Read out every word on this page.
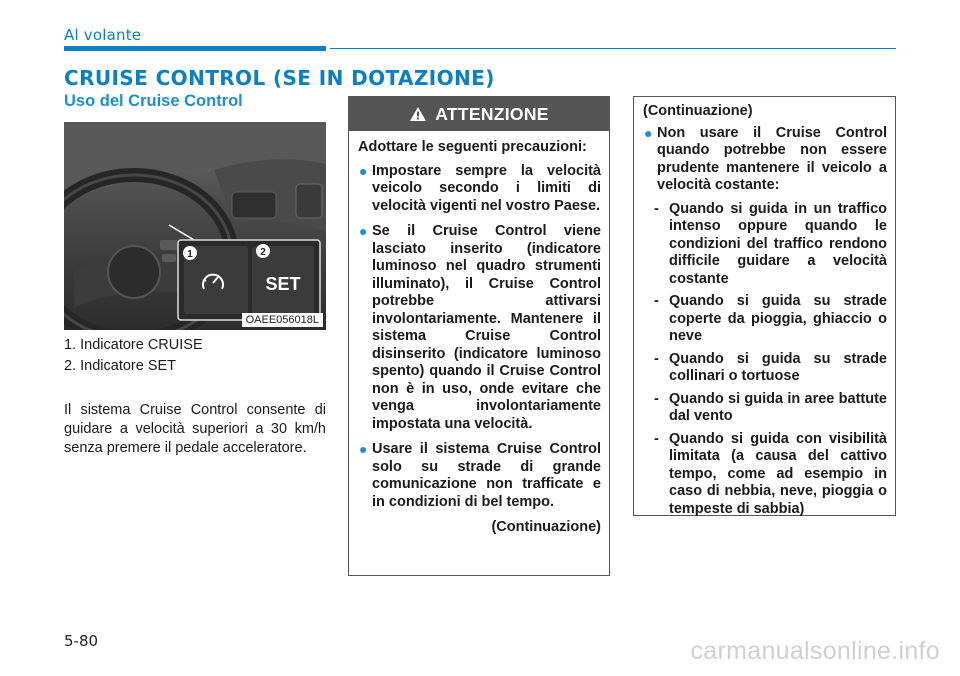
Al volante
CRUISE CONTROL (SE IN DOTAZIONE)
Uso del Cruise Control
1	2
SET
OAEE056018L
1. Indicatore CRUISE
2. Indicatore SET

Il sistema Cruise Control consente di guidare a velocità superiori a 30 km/h senza premere il pedale acceleratore.

ATTENZIONE
Adottare le seguenti precauzioni:
● Impostare sempre la velocità veicolo secondo i limiti di velocità vigenti nel vostro Paese.
● Se il Cruise Control viene lasciato inserito (indicatore luminoso nel quadro strumenti illuminato), il Cruise Control potrebbe attivarsi involontariamente. Mantenere il sistema Cruise Control disinserito (indicatore luminoso spento) quando il Cruise Control non è in uso, onde evitare che venga involontariamente impostata una velocità.
● Usare il sistema Cruise Control solo su strade di grande comunicazione non trafficate e in condizioni di bel tempo.
(Continuazione)
(Continuazione)
● Non usare il Cruise Control quando potrebbe non essere prudente mantenere il veicolo a velocità costante:
- Quando si guida in un traffico intenso oppure quando le condizioni del traffico rendono difficile guidare a velocità costante
- Quando si guida su strade coperte da pioggia, ghiaccio o neve
- Quando si guida su strade collinari o tortuose
- Quando si guida in aree battute dal vento
- Quando si guida con visibilità limitata (a causa del cattivo tempo, come ad esempio in caso di nebbia, neve, pioggia o tempeste di sabbia)
5-80	carmanualsonline.info
